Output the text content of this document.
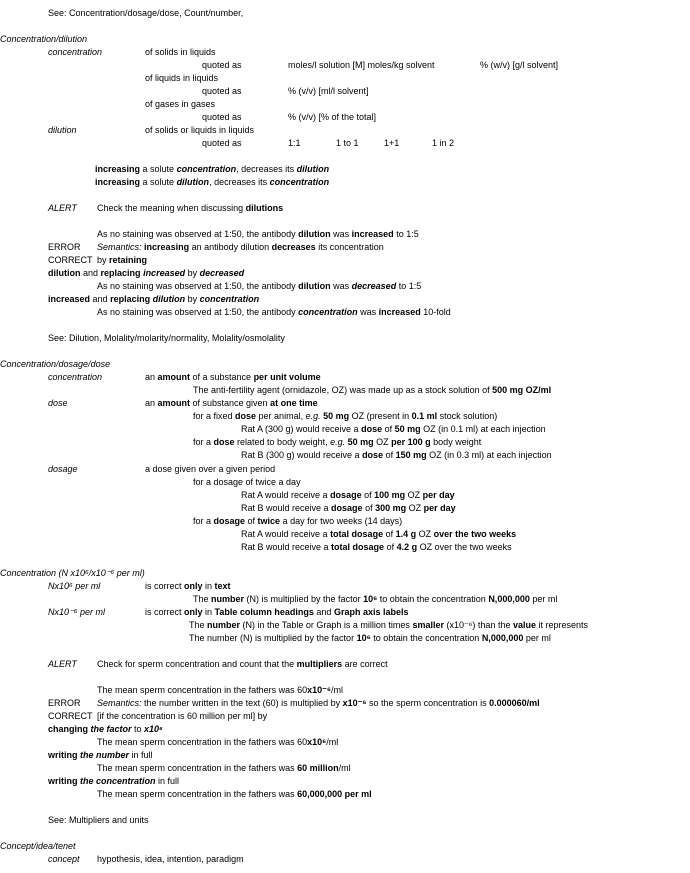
See: Concentration/dosage/dose, Count/number,
Concentration/dilution
concentration	of solids in liquids
quoted as	moles/l solution [M] moles/kg solvent	% (w/v) [g/l solvent]
of liquids in liquids
quoted as	% (v/v) [ml/l solvent]
of gases in gases
quoted as	% (v/v) [% of the total]
dilution	of solids or liquids in liquids
quoted as	1:1	1 to 1	1+1	1 in 2
increasing a solute concentration, decreases its dilution
increasing a solute dilution, decreases its concentration
ALERT Check the meaning when discussing dilutions
As no staining was observed at 1:50, the antibody dilution was increased to 1:5
ERROR Semantics: increasing an antibody dilution decreases its concentration
CORRECT by retaining
dilution and replacing increased by decreased
As no staining was observed at 1:50, the antibody dilution was decreased to 1:5
increased and replacing dilution by concentration
As no staining was observed at 1:50, the antibody concentration was increased 10-fold
See: Dilution, Molality/molarity/normality, Molality/osmolality
Concentration/dosage/dose
concentration	an amount of a substance per unit volume
The anti-fertility agent (ornidazole, OZ) was made up as a stock solution of 500 mg OZ/ml
dose	an amount of substance given at one time
for a fixed dose per animal, e.g. 50 mg OZ (present in 0.1 ml stock solution)
Rat A (300 g) would receive a dose of 50 mg OZ (in 0.1 ml) at each injection
for a dose related to body weight, e.g. 50 mg OZ per 100 g body weight
Rat B (300 g) would receive a dose of 150 mg OZ (in 0.3 ml) at each injection
dosage	a dose given over a given period
for a dosage of twice a day
Rat A would receive a dosage of 100 mg OZ per day
Rat B would receive a dosage of 300 mg OZ per day
for a dosage of twice a day for two weeks (14 days)
Rat A would receive a total dosage of 1.4 g OZ over the two weeks
Rat B would receive a total dosage of 4.2 g OZ over the two weeks
Concentration (N x10⁶/x10⁻⁶ per ml)
Nx10⁶ per ml	is correct only in text
The number (N) is multiplied by the factor 10⁶ to obtain the concentration N,000,000 per ml
Nx10⁻⁶ per ml	is correct only in Table column headings and Graph axis labels
The number (N) in the Table or Graph is a million times smaller (x10⁻⁶) than the value it represents
The number (N) is multiplied by the factor 10⁶ to obtain the concentration N,000,000 per ml
ALERT Check for sperm concentration and count that the multipliers are correct
The mean sperm concentration in the fathers was 60x10⁻⁶/ml
ERROR Semantics: the number written in the text (60) is multiplied by x10⁻⁶ so the sperm concentration is 0.000060/ml
CORRECT [if the concentration is 60 million per ml] by
changing the factor to x10⁶
The mean sperm concentration in the fathers was 60x10⁶/ml
writing the number in full
The mean sperm concentration in the fathers was 60 million/ml
writing the concentration in full
The mean sperm concentration in the fathers was 60,000,000 per ml
See: Multipliers and units
Concept/idea/tenet
concept hypothesis, idea, intention, paradigm
